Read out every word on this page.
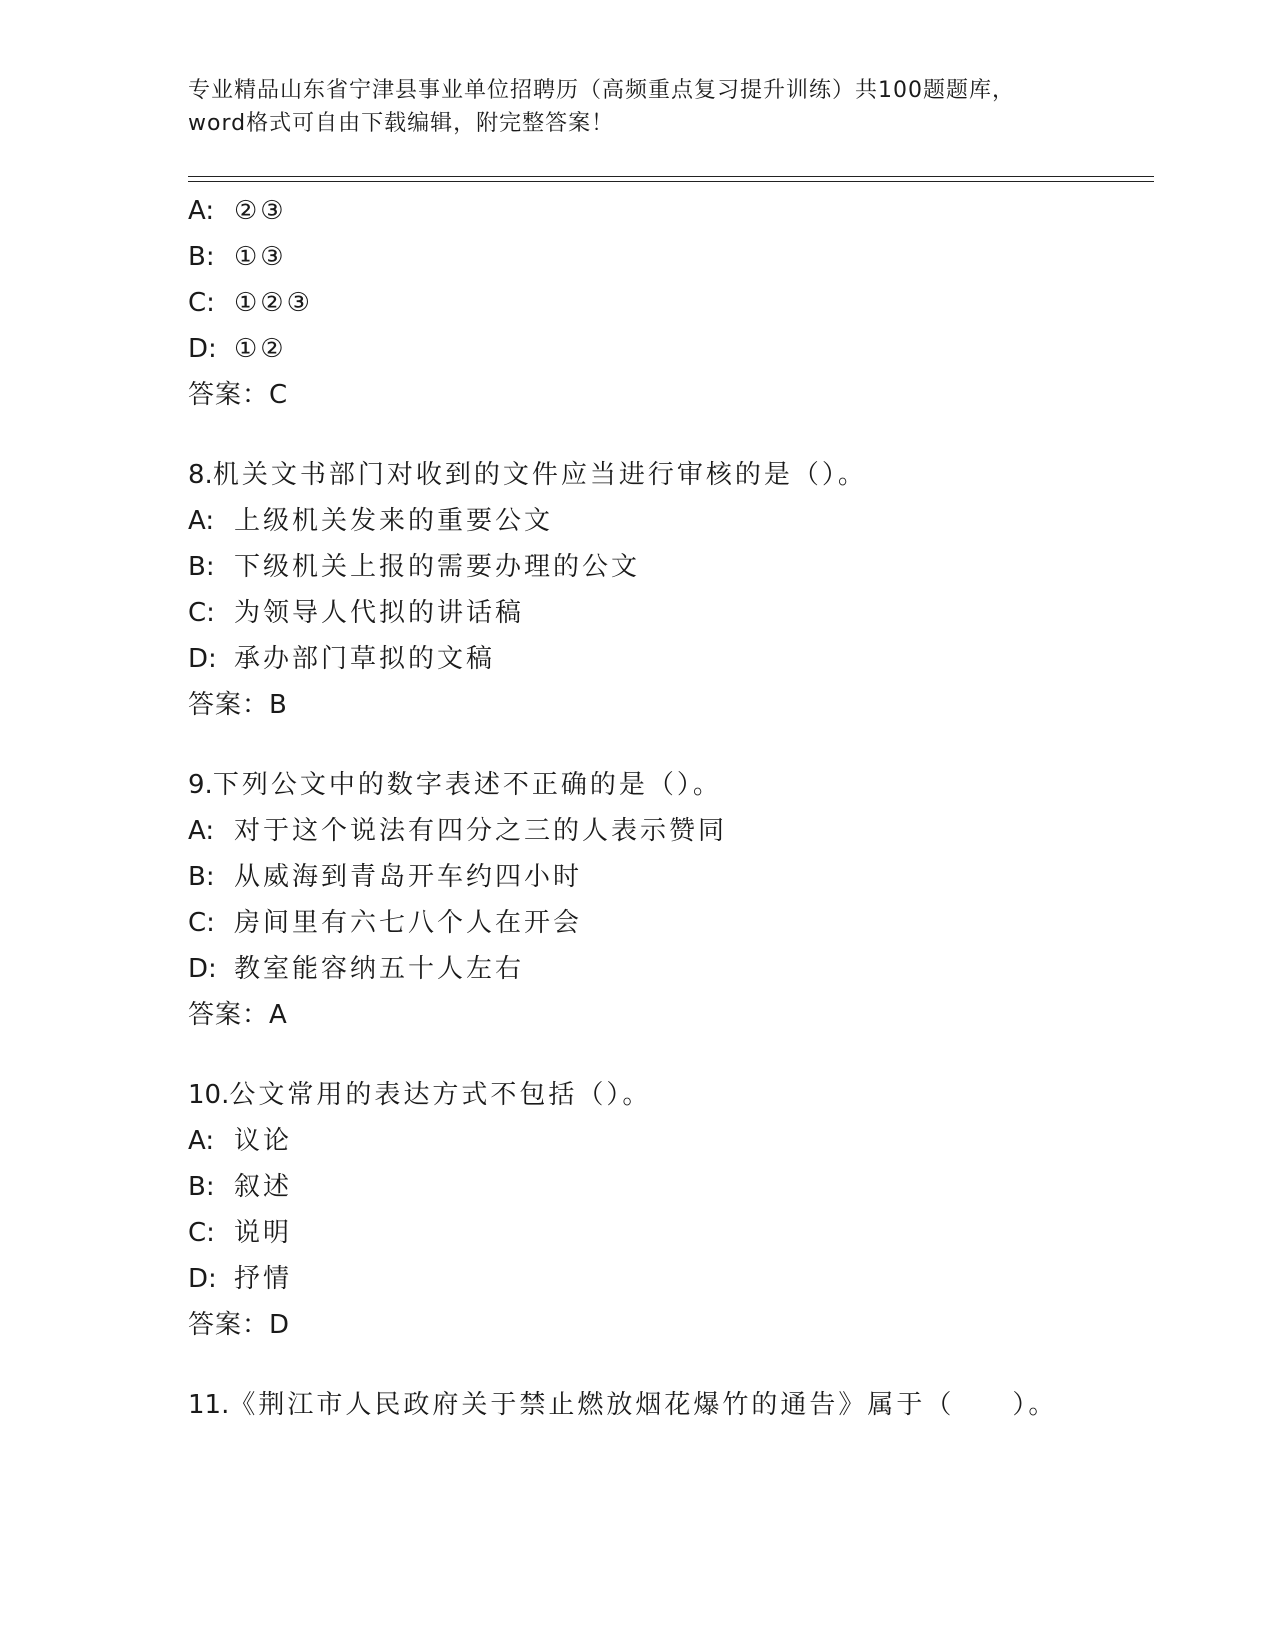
专业精品山东省宁津县事业单位招聘历（高频重点复习提升训练）共100题题库，word格式可自由下载编辑，附完整答案！
A: ②③
B: ①③
C: ①②③
D: ①②
答案：C
8.机关文书部门对收到的文件应当进行审核的是（）。
A: 上级机关发来的重要公文
B: 下级机关上报的需要办理的公文
C: 为领导人代拟的讲话稿
D: 承办部门草拟的文稿
答案：B
9.下列公文中的数字表述不正确的是（）。
A: 对于这个说法有四分之三的人表示赞同
B: 从威海到青岛开车约四小时
C: 房间里有六七八个人在开会
D: 教室能容纳五十人左右
答案：A
10.公文常用的表达方式不包括（）。
A: 议论
B: 叙述
C: 说明
D: 抒情
答案：D
11.《荆江市人民政府关于禁止燃放烟花爆竹的通告》属于（　　）。
